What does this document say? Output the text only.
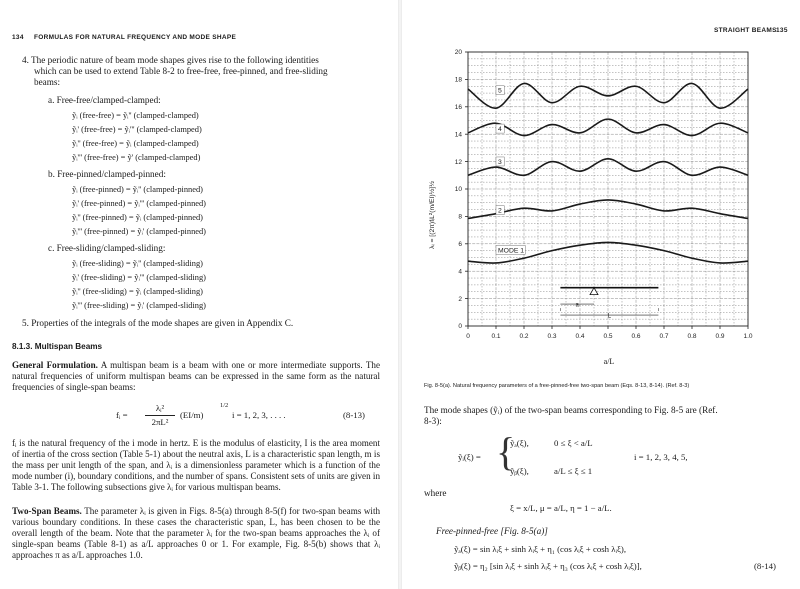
134 FORMULAS FOR NATURAL FREQUENCY AND MODE SHAPE
4. The periodic nature of beam mode shapes gives rise to the following identities
which can be used to extend Table 8-2 to free-free, free-pinned, and free-sliding
beams:
a. Free-free/clamped-clamped:
ỹᵢ (free-free) = ỹᵢ'' (clamped-clamped)
ỹᵢ' (free-free) = ỹᵢ''' (clamped-clamped)
ỹᵢ'' (free-free) = ỹᵢ (clamped-clamped)
ỹᵢ''' (free-free) = ỹ' (clamped-clamped)
b. Free-pinned/clamped-pinned:
ỹᵢ (free-pinned) = ỹᵢ'' (clamped-pinned)
ỹᵢ' (free-pinned) = ỹᵢ''' (clamped-pinned)
ỹᵢ'' (free-pinned) = ỹᵢ (clamped-pinned)
ỹᵢ''' (free-pinned) = ỹᵢ' (clamped-pinned)
c. Free-sliding/clamped-sliding:
ỹᵢ (free-sliding) = ỹᵢ'' (clamped-sliding)
ỹᵢ' (free-sliding) = ỹᵢ''' (clamped-sliding)
ỹᵢ'' (free-sliding) = ỹᵢ (clamped-sliding)
ỹᵢ''' (free-sliding) = ỹᵢ' (clamped-sliding)
5. Properties of the integrals of the mode shapes are given in Appendix C.
8.1.3. Multispan Beams
General Formulation. A multispan beam is a beam with one or more intermediate supports. The natural frequencies of uniform multispan beams can be expressed in the same form as the natural frequencies of single-span beams:
fᵢ =
λᵢ²
2πL²
(EI/m)
1/2
i = 1, 2, 3, . . . .	(8-13)
fᵢ is the natural frequency of the i mode in hertz. E is the modulus of elasticity, I is the area moment of inertia of the cross section (Table 5-1) about the neutral axis, L is a characteristic span length, m is the mass per unit length of the span, and λᵢ is a dimensionless parameter which is a function of the mode number (i), boundary conditions, and the number of spans. Consistent sets of units are given in Table 3-1. The following subsections give λᵢ for various multispan beams.
Two-Span Beams. The parameter λᵢ is given in Figs. 8-5(a) through 8-5(f) for two-span beams with various boundary conditions. In these cases the characteristic span, L, has been chosen to be the overall length of the beam. Note that the parameter λᵢ for the two-span beams approaches the λᵢ of single-span beams (Table 8-1) as a/L approaches 0 or 1. For example, Fig. 8-5(b) shows that λᵢ approaches π as a/L approaches 1.0.
STRAIGHT BEAMS 135
0	0.1	0.2	0.3	0.4	0.5	0.6	0.7	0.8	0.9	1.0
0
2
4
6
8
10
12
14
16
18
20
MODE 1
2
3
4
5
a
L
λᵢ = [(2π)fᵢL²(m/EI)½]½
a/L
Fig. 8-5(a). Natural frequency parameters of a free-pinned-free two-span beam (Eqs. 8-13, 8-14). (Ref. 8-3)
The mode shapes (ỹᵢ) of the two-span beams corresponding to Fig. 8-5 are (Ref.
8-3):
ỹᵢ(ξ) = {
ỹₐ(ξ),	0 ≤ ξ < a/L
ỹᵦ(ξ),	a/L ≤ ξ ≤ 1
i = 1, 2, 3, 4, 5,
where
ξ = x/L, μ = a/L, η = 1 − a/L.
Free-pinned-free [Fig. 8-5(a)]
ỹₐ(ξ) = sin λᵢξ + sinh λᵢξ + η₁ (cos λᵢξ + cosh λᵢξ),
ỹᵦ(ξ) = η₂ [sin λᵢξ + sinh λᵢξ + η₃ (cos λᵢξ + cosh λᵢξ)],	(8-14)
